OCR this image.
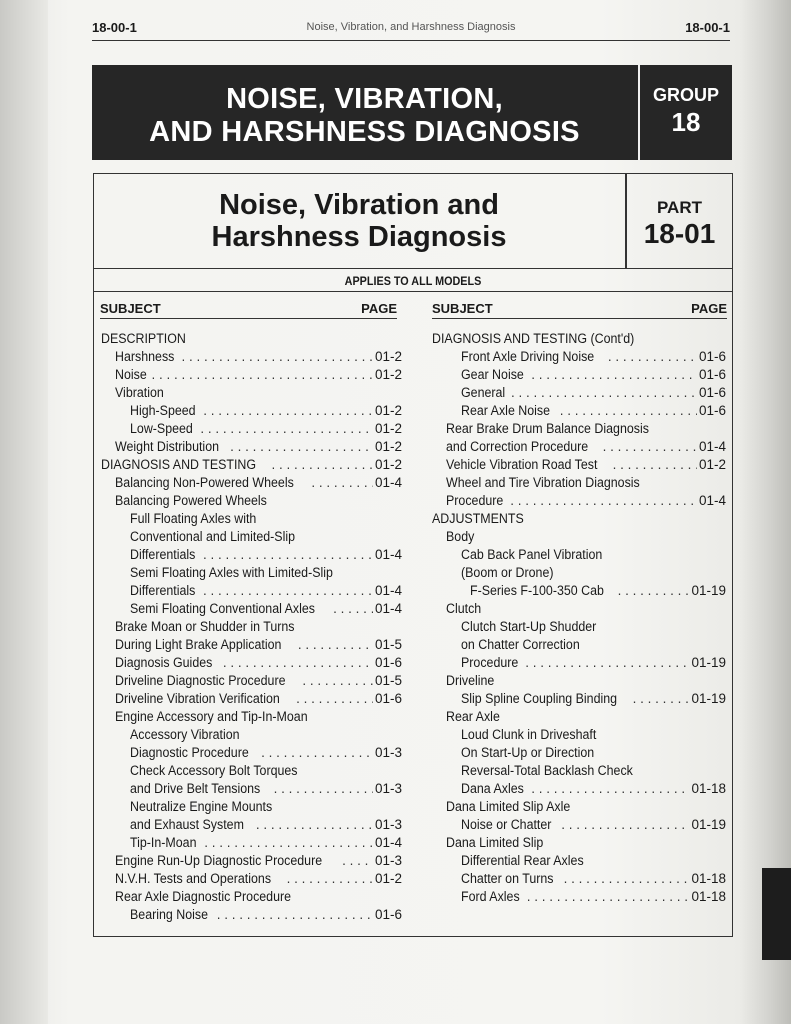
18-00-1	Noise, Vibration, and Harshness Diagnosis	18-00-1
NOISE, VIBRATION,
AND HARSHNESS DIAGNOSIS
GROUP
18
Noise, Vibration and
Harshness Diagnosis
PART
18-01
APPLIES TO ALL MODELS
SUBJECT	PAGE	SUBJECT	PAGE
DESCRIPTION
Harshness . . .	01-2
Noise . . .	01-2
Vibration
High-Speed . . .	01-2
Low-Speed . . .	01-2
Weight Distribution . . .	01-2
DIAGNOSIS AND TESTING . . .	01-2
Balancing Non-Powered Wheels . . .	01-4
Balancing Powered Wheels
Full Floating Axles with
Conventional and Limited-Slip
Differentials . . .	01-4
Semi Floating Axles with Limited-Slip
Differentials . . .	01-4
Semi Floating Conventional Axles . . .	01-4
Brake Moan or Shudder in Turns
During Light Brake Application . . .	01-5
Diagnosis Guides . . .	01-6
Driveline Diagnostic Procedure . . .	01-5
Driveline Vibration Verification . . .	01-6
Engine Accessory and Tip-In-Moan
Accessory Vibration
Diagnostic Procedure . . .	01-3
Check Accessory Bolt Torques
and Drive Belt Tensions . . .	01-3
Neutralize Engine Mounts
and Exhaust System . . .	01-3
Tip-In-Moan . . .	01-4
Engine Run-Up Diagnostic Procedure . . .	01-3
N.V.H. Tests and Operations . . .	01-2
Rear Axle Diagnostic Procedure
Bearing Noise . . .	01-6
DIAGNOSIS AND TESTING (Cont'd)
Front Axle Driving Noise . . .	01-6
Gear Noise . . .	01-6
General . . .	01-6
Rear Axle Noise . . .	01-6
Rear Brake Drum Balance Diagnosis
and Correction Procedure . . .	01-4
Vehicle Vibration Road Test . . .	01-2
Wheel and Tire Vibration Diagnosis
Procedure . . .	01-4
ADJUSTMENTS
Body
Cab Back Panel Vibration
(Boom or Drone)
F-Series F-100-350 Cab . . .	01-19
Clutch
Clutch Start-Up Shudder
on Chatter Correction
Procedure . . .	01-19
Driveline
Slip Spline Coupling Binding . . .	01-19
Rear Axle
Loud Clunk in Driveshaft
On Start-Up or Direction
Reversal-Total Backlash Check
Dana Axles . . .	01-18
Dana Limited Slip Axle
Noise or Chatter . . .	01-19
Dana Limited Slip
Differential Rear Axles
Chatter on Turns . . .	01-18
Ford Axles . . .	01-18
